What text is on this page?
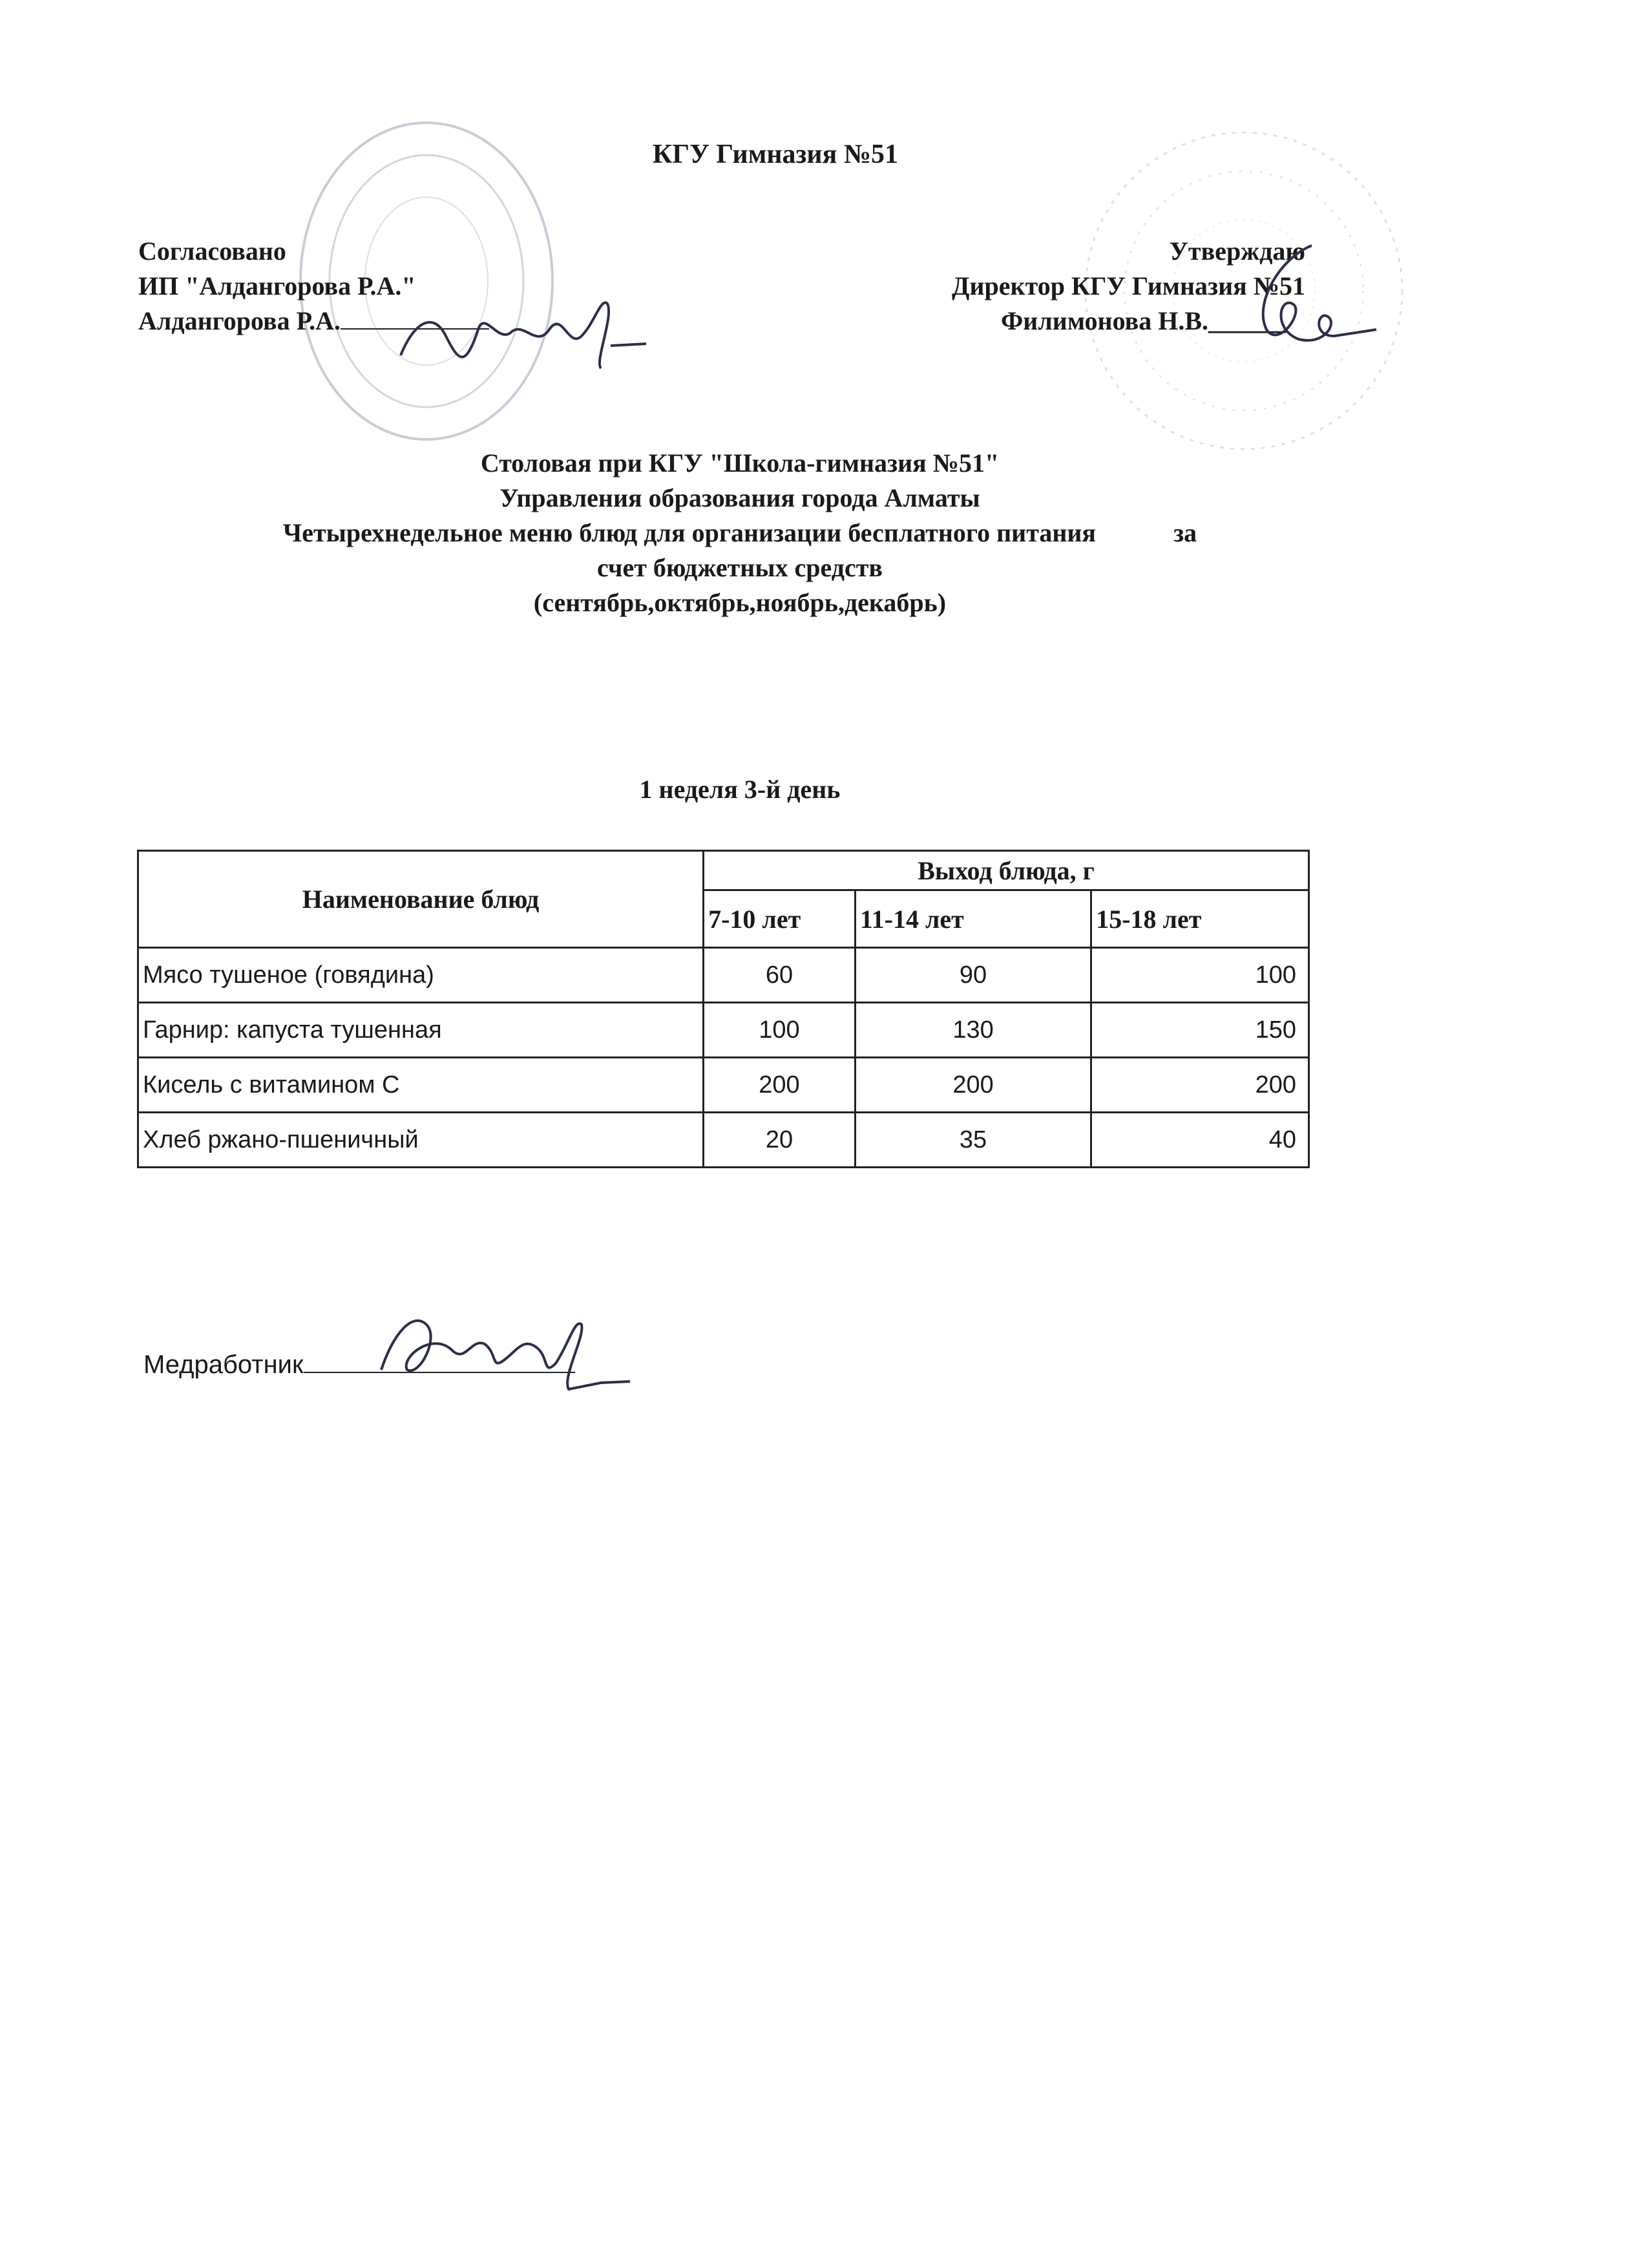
КГУ Гимназия №51
Согласовано
ИП "Алдангорова Р.А."
Алдангорова Р.А.
Утверждаю
Директор КГУ Гимназия №51
Филимонова Н.В.______
Столовая при КГУ "Школа-гимназия №51"
Управления образования города Алматы
Четырехнедельное меню блюд для организации бесплатного питания	за
счет бюджетных средств
(сентябрь,октябрь,ноябрь,декабрь)
1 неделя 3-й день
Наименование блюд	Выход блюда, г		
	7-10 лет	11-14 лет	15-18 лет
Мясо тушеное (говядина)	60	90	100
Гарнир: капуста тушенная	100	130	150
Кисель с витамином С	200	200	200
Хлеб ржано-пшеничный	20	35	40
Медработник
